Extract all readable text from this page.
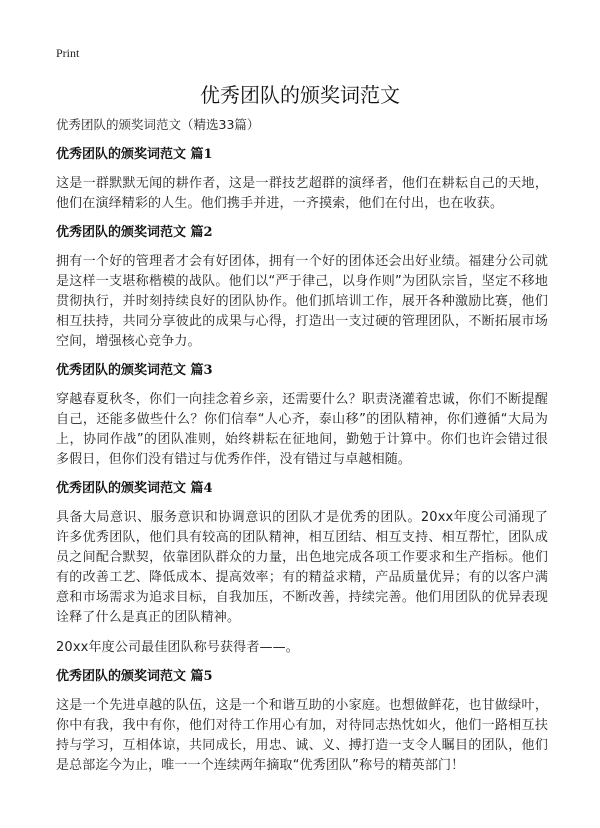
Print
优秀团队的颁奖词范文

优秀团队的颁奖词范文（精选33篇）

优秀团队的颁奖词范文 篇1

这是一群默默无闻的耕作者，这是一群技艺超群的演绎者，他们在耕耘自己的天地，他们在演绎精彩的人生。他们携手并进，一齐摸索，他们在付出，也在收获。

优秀团队的颁奖词范文 篇2

拥有一个好的管理者才会有好团体，拥有一个好的团体还会出好业绩。福建分公司就是这样一支堪称楷模的战队。他们以“严于律己，以身作则”为团队宗旨，坚定不移地贯彻执行，并时刻持续良好的团队协作。他们抓培训工作，展开各种激励比赛，他们相互扶持，共同分享彼此的成果与心得，打造出一支过硬的管理团队，不断拓展市场空间，增强核心竞争力。

优秀团队的颁奖词范文 篇3

穿越春夏秋冬，你们一向挂念着乡亲，还需要什么？职责浇灌着忠诚，你们不断提醒自己，还能多做些什么？你们信奉“人心齐，泰山移”的团队精神，你们遵循“大局为上，协同作战”的团队准则，始终耕耘在征地间，勤勉于计算中。你们也许会错过很多假日，但你们没有错过与优秀作伴，没有错过与卓越相随。

优秀团队的颁奖词范文 篇4

具备大局意识、服务意识和协调意识的团队才是优秀的团队。20xx年度公司涌现了许多优秀团队，他们具有较高的团队精神，相互团结、相互支持、相互帮忙，团队成员之间配合默契，依靠团队群众的力量，出色地完成各项工作要求和生产指标。他们有的改善工艺、降低成本、提高效率；有的精益求精，产品质量优异；有的以客户满意和市场需求为追求目标，自我加压，不断改善，持续完善。他们用团队的优异表现诠释了什么是真正的团队精神。

20xx年度公司最佳团队称号获得者——。

优秀团队的颁奖词范文 篇5

这是一个先进卓越的队伍，这是一个和谐互助的小家庭。也想做鲜花，也甘做绿叶，你中有我，我中有你，他们对待工作用心有加，对待同志热忱如火，他们一路相互扶持与学习，互相体谅，共同成长，用忠、诚、义、搏打造一支令人瞩目的团队，他们是总部迄今为止，唯一一个连续两年摘取“优秀团队”称号的精英部门！
